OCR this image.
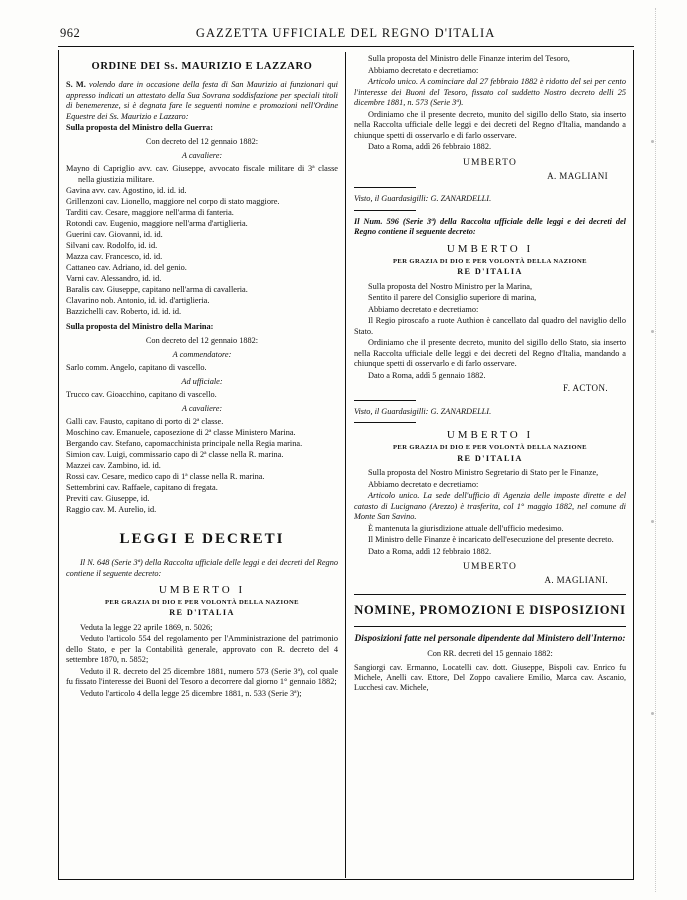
962	GAZZETTA UFFICIALE DEL REGNO D'ITALIA
ORDINE DEI Ss. MAURIZIO E LAZZARO

S. M. volendo dare in occasione della festa di San Maurizio ai funzionari qui appresso indicati un attestato della Sua Sovrana soddisfazione per speciali titoli di benemerenze, si è degnata fare le seguenti nomine e promozioni nell'Ordine Equestre dei Ss. Maurizio e Lazzaro:

Sulla proposta del Ministro della Guerra:

Con decreto del 12 gennaio 1882:

A cavaliere:

Mayno di Capriglio avv. cav. Giuseppe, avvocato fiscale militare di 3ª classe nella giustizia militare.

Gavina avv. cav. Agostino, id. id. id.

Grillenzoni cav. Lionello, maggiore nel corpo di stato maggiore.

Tarditi cav. Cesare, maggiore nell'arma di fanteria.

Rotondi cav. Eugenio, maggiore nell'arma d'artiglieria.

Guerini cav. Giovanni, id. id.

Silvani cav. Rodolfo, id. id.

Mazza cav. Francesco, id. id.

Cattaneo cav. Adriano, id. del genio.

Varni cav. Alessandro, id. id.

Baralis cav. Giuseppe, capitano nell'arma di cavalleria.

Clavarino nob. Antonio, id. id. d'artiglieria.

Bazzichelli cav. Roberto, id. id. id.

Sulla proposta del Ministro della Marina:

Con decreto del 12 gennaio 1882:

A commendatore:

Sarlo comm. Angelo, capitano di vascello.

Ad ufficiale:

Trucco cav. Gioacchino, capitano di vascello.

A cavaliere:

Galli cav. Fausto, capitano di porto di 2ª classe.

Moschino cav. Emanuele, caposezione di 2ª classe Ministero Marina.

Bergando cav. Stefano, capomacchinista principale nella Regia marina.

Simion cav. Luigi, commissario capo di 2ª classe nella R. marina.

Mazzei cav. Zambino, id. id.

Rossi cav. Cesare, medico capo di 1ª classe nella R. marina.

Settembrini cav. Raffaele, capitano di fregata.

Previti cav. Giuseppe, id.

Raggio cav. M. Aurelio, id.

LEGGI E DECRETI

Il N. 648 (Serie 3ª) della Raccolta ufficiale delle leggi e dei decreti del Regno contiene il seguente decreto:

UMBERTO I
PER GRAZIA DI DIO E PER VOLONTÀ DELLA NAZIONE
RE D'ITALIA

Veduta la legge 22 aprile 1869, n. 5026;

Veduto l'articolo 554 del regolamento per l'Amministrazione del patrimonio dello Stato, e per la Contabilità generale, approvato con R. decreto del 4 settembre 1870, n. 5852;

Veduto il R. decreto del 25 dicembre 1881, numero 573 (Serie 3ª), col quale fu fissato l'interesse dei Buoni del Tesoro a decorrere dal giorno 1° gennaio 1882;

Veduto l'articolo 4 della legge 25 dicembre 1881, n. 533 (Serie 3ª);

Sulla proposta del Ministro delle Finanze interim del Tesoro,

Abbiamo decretato e decretiamo:

Articolo unico. A cominciare dal 27 febbraio 1882 è ridotto del sei per cento l'interesse dei Buoni del Tesoro, fissato col suddetto Nostro decreto delli 25 dicembre 1881, n. 573 (Serie 3ª).

Ordiniamo che il presente decreto, munito del sigillo dello Stato, sia inserto nella Raccolta ufficiale delle leggi e dei decreti del Regno d'Italia, mandando a chiunque spetti di osservarlo e di farlo osservare.

Dato a Roma, addì 26 febbraio 1882.

UMBERTO
A. MAGLIANI

Visto, il Guardasigilli: G. ZANARDELLI.

Il Num. 596 (Serie 3ª) della Raccolta ufficiale delle leggi e dei decreti del Regno contiene il seguente decreto:

UMBERTO I
PER GRAZIA DI DIO E PER VOLONTÀ DELLA NAZIONE
RE D'ITALIA

Sulla proposta del Nostro Ministro per la Marina,

Sentito il parere del Consiglio superiore di marina,

Abbiamo decretato e decretiamo:

Il Regio piroscafo a ruote Authion è cancellato dal quadro del naviglio dello Stato.

Ordiniamo che il presente decreto, munito del sigillo dello Stato, sia inserto nella Raccolta ufficiale delle leggi e dei decreti del Regno d'Italia, mandando a chiunque spetti di osservarlo e di farlo osservare.

Dato a Roma, addì 5 gennaio 1882.

F. ACTON.

Visto, il Guardasigilli: G. ZANARDELLI.

UMBERTO I
PER GRAZIA DI DIO E PER VOLONTÀ DELLA NAZIONE
RE D'ITALIA

Sulla proposta del Nostro Ministro Segretario di Stato per le Finanze,

Abbiamo decretato e decretiamo:

Articolo unico. La sede dell'ufficio di Agenzia delle imposte dirette e del catasto di Lucignano (Arezzo) è trasferita, col 1° maggio 1882, nel comune di Monte San Savino.

È mantenuta la giurisdizione attuale dell'ufficio medesimo.

Il Ministro delle Finanze è incaricato dell'esecuzione del presente decreto.

Dato a Roma, addì 12 febbraio 1882.

UMBERTO
A. MAGLIANI.
NOMINE, PROMOZIONI E DISPOSIZIONI
Disposizioni fatte nel personale dipendente dal Ministero dell'Interno:

Con RR. decreti del 15 gennaio 1882:

Sangiorgi cav. Ermanno, Locatelli cav. dott. Giuseppe, Bispoli cav. Enrico fu Michele, Anelli cav. Ettore, Del Zoppo cavaliere Emilio, Marca cav. Ascanio, Lucchesi cav. Michele,
